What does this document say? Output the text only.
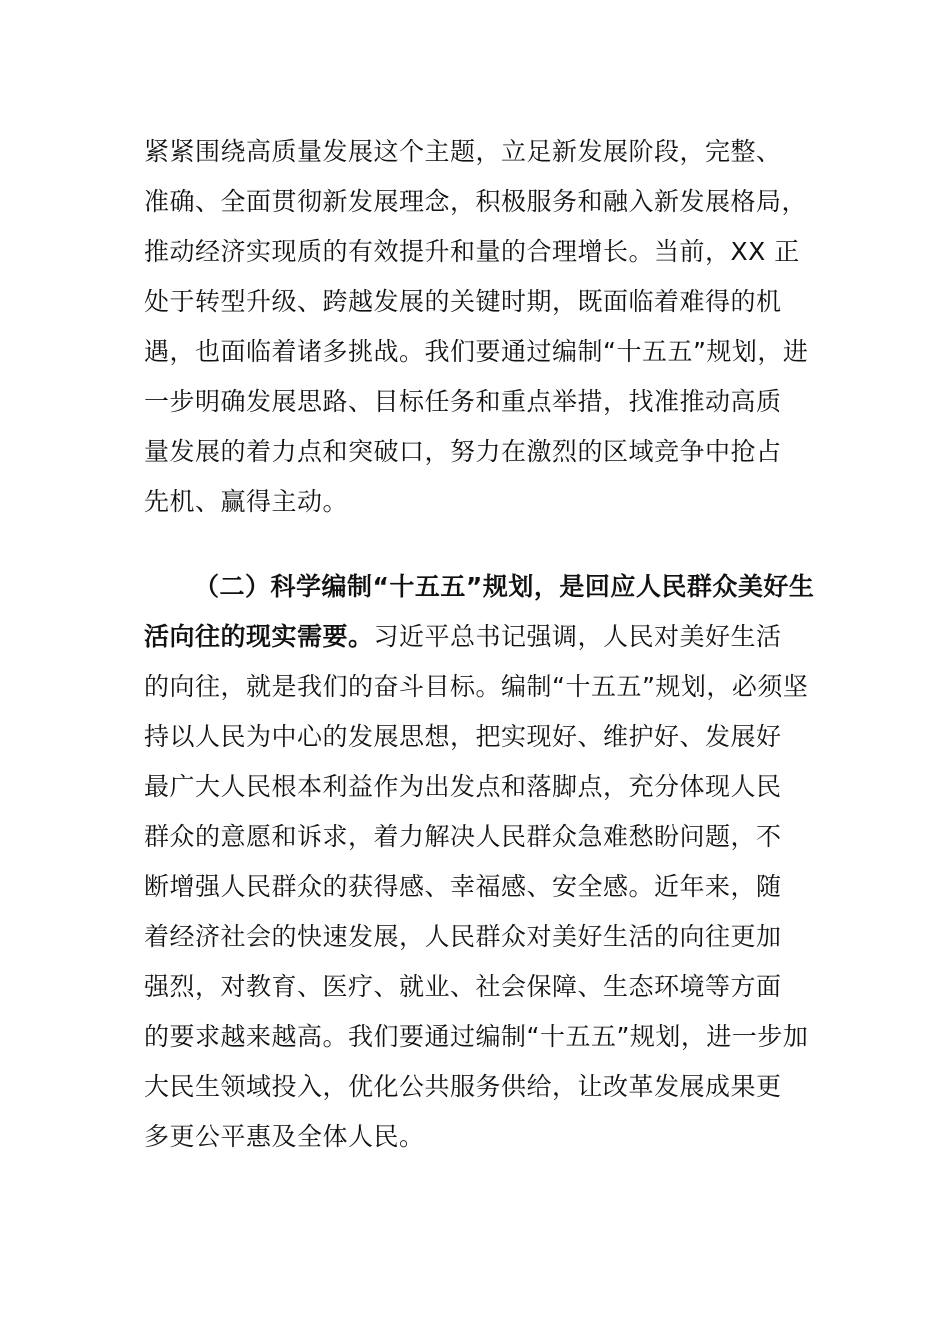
紧紧围绕高质量发展这个主题，立足新发展阶段，完整、
准确、全面贯彻新发展理念，积极服务和融入新发展格局，
推动经济实现质的有效提升和量的合理增长。当前，XX 正
处于转型升级、跨越发展的关键时期，既面临着难得的机
遇，也面临着诸多挑战。我们要通过编制“十五五”规划，进
一步明确发展思路、目标任务和重点举措，找准推动高质
量发展的着力点和突破口，努力在激烈的区域竞争中抢占
先机、赢得主动。
（二）科学编制“十五五”规划，是回应人民群众美好生
活向往的现实需要。习近平总书记强调，人民对美好生活
的向往，就是我们的奋斗目标。编制“十五五”规划，必须坚
持以人民为中心的发展思想，把实现好、维护好、发展好
最广大人民根本利益作为出发点和落脚点，充分体现人民
群众的意愿和诉求，着力解决人民群众急难愁盼问题，不
断增强人民群众的获得感、幸福感、安全感。近年来，随
着经济社会的快速发展，人民群众对美好生活的向往更加
强烈，对教育、医疗、就业、社会保障、生态环境等方面
的要求越来越高。我们要通过编制“十五五”规划，进一步加
大民生领域投入，优化公共服务供给，让改革发展成果更
多更公平惠及全体人民。
